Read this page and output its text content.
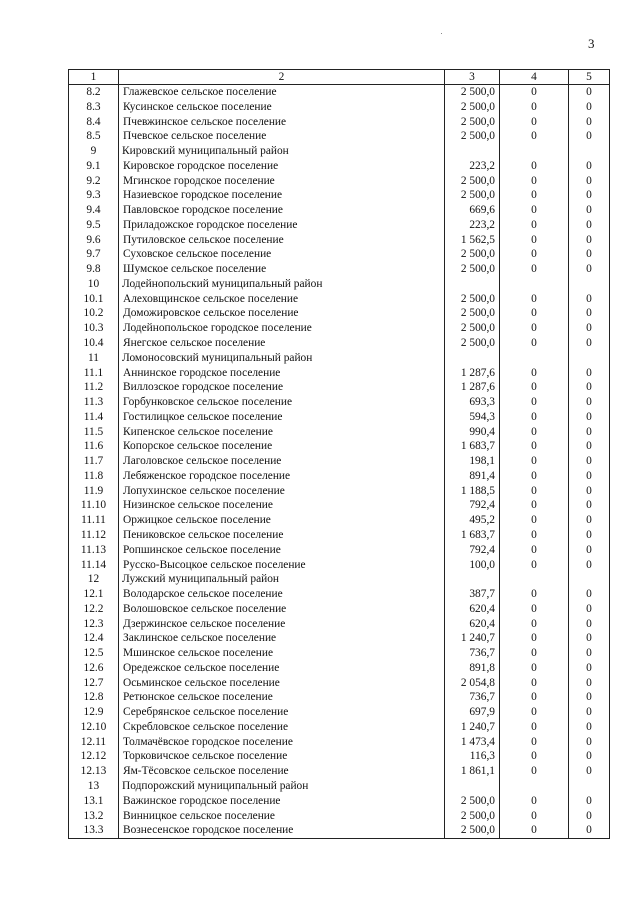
3
1	2	3	4	5
8.2	Глажевское сельское поселение	2 500,0	0	0
8.3	Кусинское сельское поселение	2 500,0	0	0
8.4	Пчевжинское сельское поселение	2 500,0	0	0
8.5	Пчевское сельское поселение	2 500,0	0	0
9	Кировский муниципальный район			
9.1	Кировское городское поселение	223,2	0	0
9.2	Мгинское городское поселение	2 500,0	0	0
9.3	Назиевское городское поселение	2 500,0	0	0
9.4	Павловское городское поселение	669,6	0	0
9.5	Приладожское городское поселение	223,2	0	0
9.6	Путиловское сельское поселение	1 562,5	0	0
9.7	Суховское сельское поселение	2 500,0	0	0
9.8	Шумское сельское поселение	2 500,0	0	0
10	Лодейнопольский муниципальный район			
10.1	Алеховщинское сельское поселение	2 500,0	0	0
10.2	Доможировское сельское поселение	2 500,0	0	0
10.3	Лодейнопольское городское поселение	2 500,0	0	0
10.4	Янегское сельское поселение	2 500,0	0	0
11	Ломоносовский муниципальный район			
11.1	Аннинское городское поселение	1 287,6	0	0
11.2	Виллозское городское поселение	1 287,6	0	0
11.3	Горбунковское сельское поселение	693,3	0	0
11.4	Гостилицкое сельское поселение	594,3	0	0
11.5	Кипенское сельское поселение	990,4	0	0
11.6	Копорское сельское поселение	1 683,7	0	0
11.7	Лаголовское сельское поселение	198,1	0	0
11.8	Лебяженское городское поселение	891,4	0	0
11.9	Лопухинское сельское поселение	1 188,5	0	0
11.10	Низинское сельское поселение	792,4	0	0
11.11	Оржицкое сельское поселение	495,2	0	0
11.12	Пениковское сельское поселение	1 683,7	0	0
11.13	Ропшинское сельское поселение	792,4	0	0
11.14	Русско-Высоцкое сельское поселение	100,0	0	0
12	Лужский муниципальный район			
12.1	Володарское сельское поселение	387,7	0	0
12.2	Волошовское сельское поселение	620,4	0	0
12.3	Дзержинское сельское поселение	620,4	0	0
12.4	Заклинское сельское поселение	1 240,7	0	0
12.5	Мшинское сельское поселение	736,7	0	0
12.6	Оредежское сельское поселение	891,8	0	0
12.7	Осьминское сельское поселение	2 054,8	0	0
12.8	Ретюнское сельское поселение	736,7	0	0
12.9	Серебрянское сельское поселение	697,9	0	0
12.10	Скребловское сельское поселение	1 240,7	0	0
12.11	Толмачёвское городское поселение	1 473,4	0	0
12.12	Торковичское сельское поселение	116,3	0	0
12.13	Ям-Тёсовское сельское поселение	1 861,1	0	0
13	Подпорожский муниципальный район			
13.1	Важинское городское поселение	2 500,0	0	0
13.2	Винницкое сельское поселение	2 500,0	0	0
13.3	Вознесенское городское поселение	2 500,0	0	0
